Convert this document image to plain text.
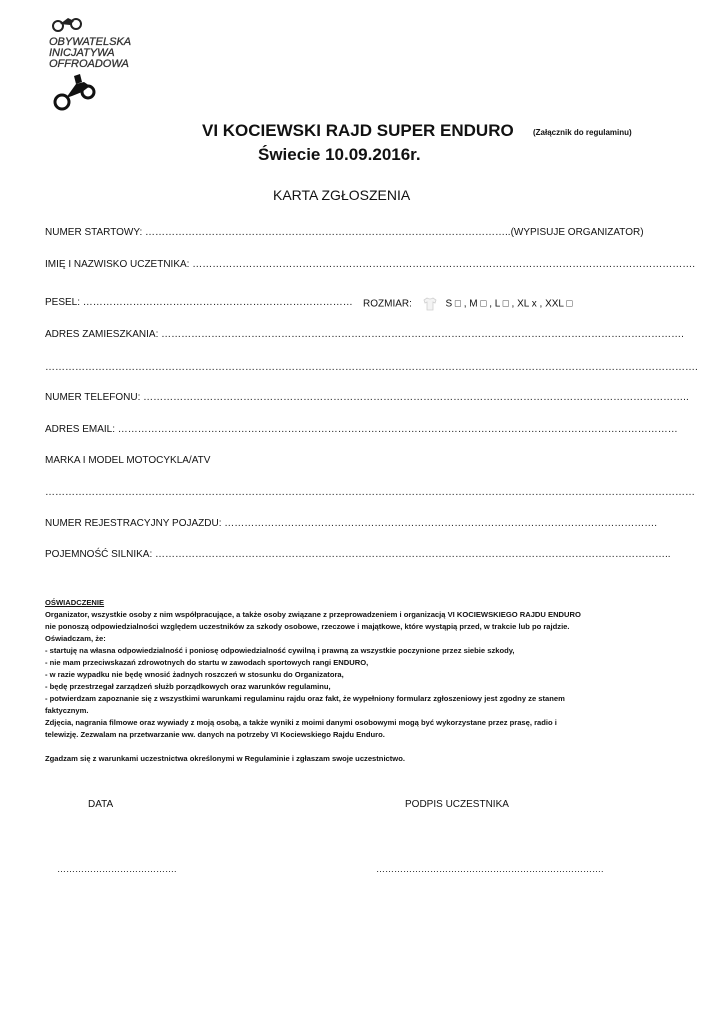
OBYWATELSKA
INICJATYWA
OFFROADOWA
VI KOCIEWSKI RAJD SUPER ENDURO (Załącznik do regulaminu)
Świecie 10.09.2016r.
KARTA ZGŁOSZENIA
NUMER STARTOWY: ………………………………………………………………………………………………..(WYPISUJE ORGANIZATOR)
IMIĘ I NAZWISKO UCZETNIKA: …………………………………………………………………………………………………………………………………….
PESEL: ……………………………………………………………………… ROZMIAR:	S □ , M □ , L □ , XL x , XXL □
ADRES ZAMIESZKANIA: ………………………………………………………………………………………………………………………………………….
…………………………………………………………………………………………………………………………………………………………………………….
NUMER TELEFONU: ………………………………………………………………………………………………………………………………………………..
ADRES EMAIL: ……………………………………………………………………………………………………………………………………………………
MARKA I MODEL MOTOCYKLA/ATV
……………………………………………………………………………………………………………………………………………………………………………
NUMER REJESTRACYJNY POJAZDU: ………………………………………………………………………………………………………………….
POJEMNOŚĆ SILNIKA: ………………………………………………………………………………………………………………………………………..

OŚWIADCZENIE

Organizator, wszystkie osoby z nim współpracujące, a także osoby związane z przeprowadzeniem i organizacją VI KOCIEWSKIEGO RAJDU ENDURO

nie ponoszą odpowiedzialności względem uczestników za szkody osobowe, rzeczowe i majątkowe, które wystąpią przed, w trakcie lub po rajdzie.

Oświadczam, że:

- startuję na własna odpowiedzialność i poniosę odpowiedzialność cywilną i prawną za wszystkie poczynione przez siebie szkody,

- nie mam przeciwskazań zdrowotnych do startu w zawodach sportowych rangi ENDURO,

- w razie wypadku nie będę wnosić żadnych roszczeń w stosunku do Organizatora,

- będę przestrzegał zarządzeń służb porządkowych oraz warunków regulaminu,

- potwierdzam zapoznanie się z wszystkimi warunkami regulaminu rajdu oraz fakt, że wypełniony formularz zgłoszeniowy jest zgodny ze stanem

faktycznym.

Zdjęcia, nagrania filmowe oraz wywiady z moją osobą, a także wyniki z moimi danymi osobowymi mogą być wykorzystane przez prasę, radio i

telewizję. Zezwalam na przetwarzanie ww. danych na potrzeby VI Kociewskiego Rajdu Enduro.

Zgadzam się z warunkami uczestnictwa określonymi w Regulaminie i zgłaszam swoje uczestnictwo.

DATA	PODPIS UCZESTNIKA
………………………………….	………………………………………………………………….
